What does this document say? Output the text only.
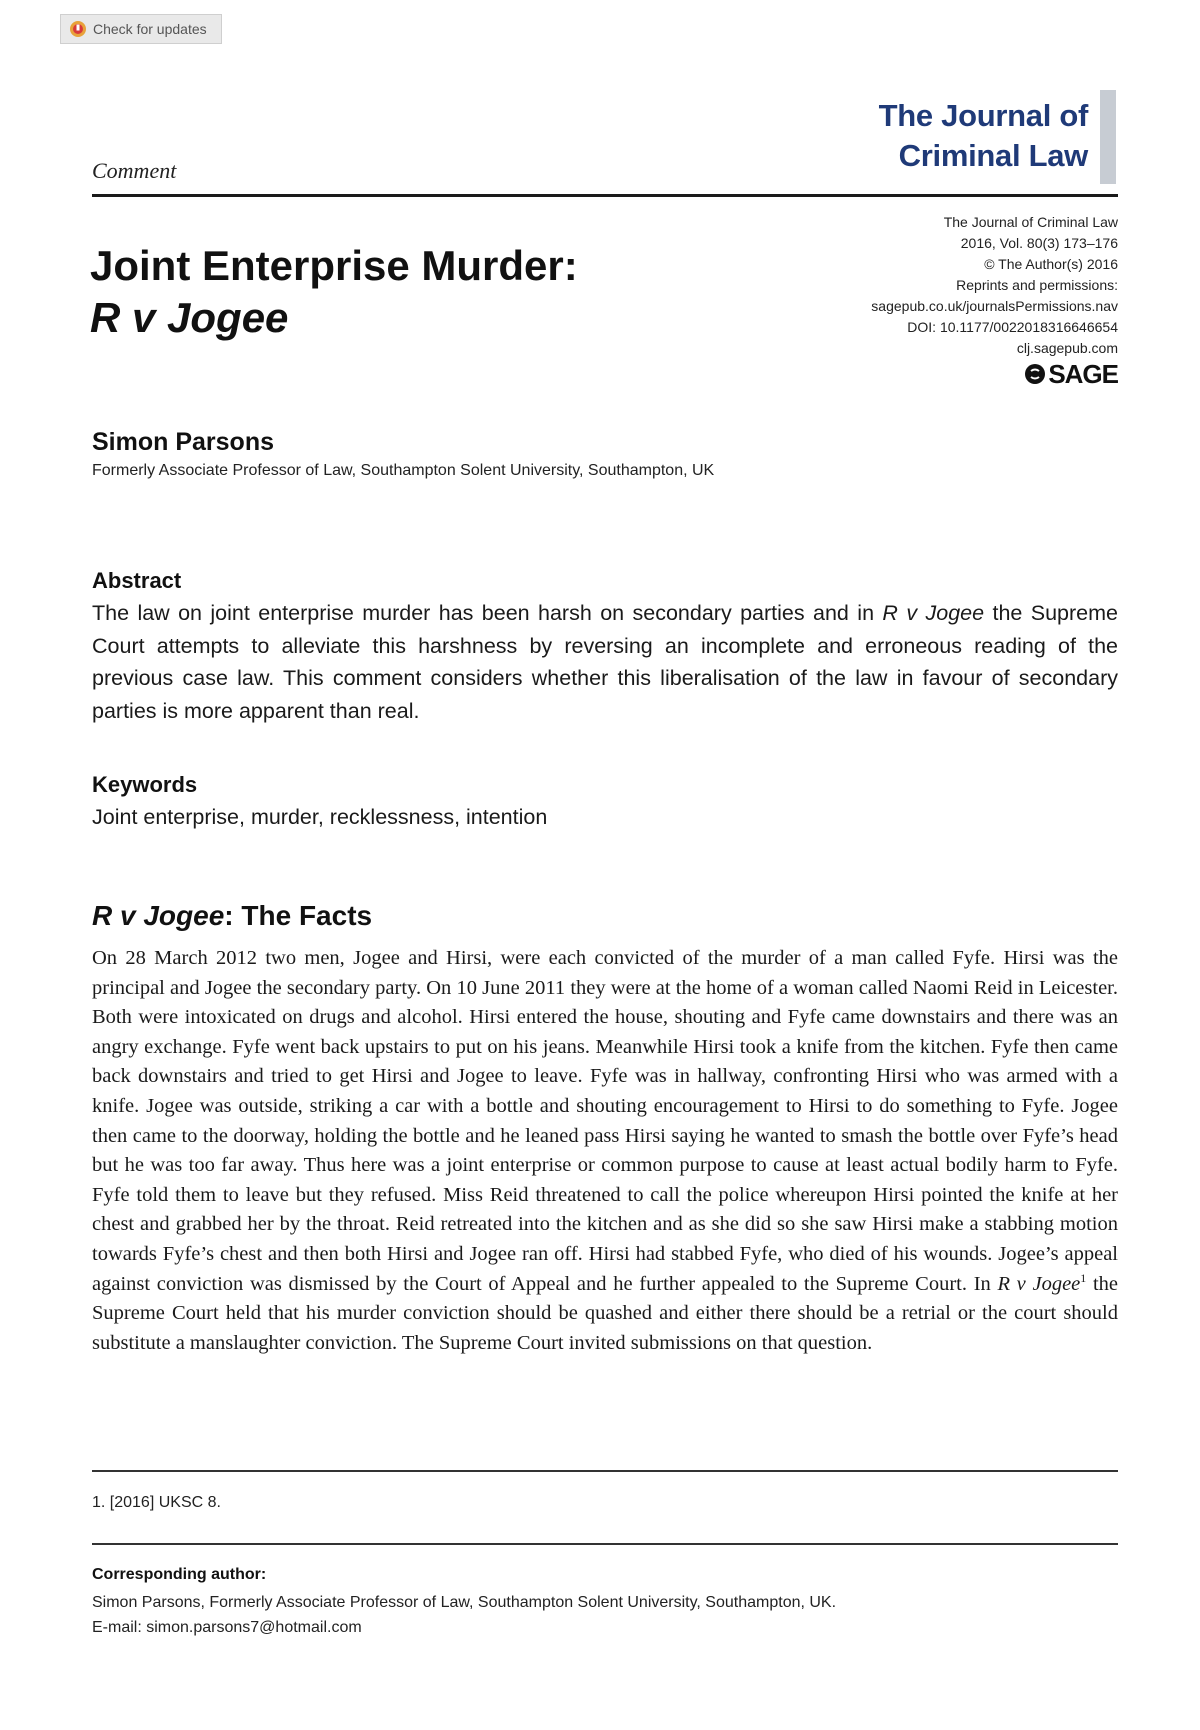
Check for updates
The Journal of
Criminal Law
Comment
Joint Enterprise Murder:
R v Jogee
The Journal of Criminal Law
2016, Vol. 80(3) 173–176
© The Author(s) 2016
Reprints and permissions:
sagepub.co.uk/journalsPermissions.nav
DOI: 10.1177/0022018316646654
clj.sagepub.com
SAGE
Simon Parsons
Formerly Associate Professor of Law, Southampton Solent University, Southampton, UK
Abstract
The law on joint enterprise murder has been harsh on secondary parties and in R v Jogee the Supreme Court attempts to alleviate this harshness by reversing an incomplete and erroneous reading of the previous case law. This comment considers whether this liberalisation of the law in favour of secondary parties is more apparent than real.
Keywords
Joint enterprise, murder, recklessness, intention
R v Jogee: The Facts
On 28 March 2012 two men, Jogee and Hirsi, were each convicted of the murder of a man called Fyfe. Hirsi was the principal and Jogee the secondary party. On 10 June 2011 they were at the home of a woman called Naomi Reid in Leicester. Both were intoxicated on drugs and alcohol. Hirsi entered the house, shouting and Fyfe came downstairs and there was an angry exchange. Fyfe went back upstairs to put on his jeans. Meanwhile Hirsi took a knife from the kitchen. Fyfe then came back downstairs and tried to get Hirsi and Jogee to leave. Fyfe was in hallway, confronting Hirsi who was armed with a knife. Jogee was outside, striking a car with a bottle and shouting encouragement to Hirsi to do something to Fyfe. Jogee then came to the doorway, holding the bottle and he leaned pass Hirsi saying he wanted to smash the bottle over Fyfe’s head but he was too far away. Thus here was a joint enterprise or common purpose to cause at least actual bodily harm to Fyfe. Fyfe told them to leave but they refused. Miss Reid threatened to call the police whereupon Hirsi pointed the knife at her chest and grabbed her by the throat. Reid retreated into the kitchen and as she did so she saw Hirsi make a stabbing motion towards Fyfe’s chest and then both Hirsi and Jogee ran off. Hirsi had stabbed Fyfe, who died of his wounds. Jogee’s appeal against conviction was dismissed by the Court of Appeal and he further appealed to the Supreme Court. In R v Jogee$^1$ the Supreme Court held that his murder conviction should be quashed and either there should be a retrial or the court should substitute a manslaughter conviction. The Supreme Court invited submissions on that question.
1. [2016] UKSC 8.
Corresponding author:
Simon Parsons, Formerly Associate Professor of Law, Southampton Solent University, Southampton, UK.
E-mail: simon.parsons7@hotmail.com
